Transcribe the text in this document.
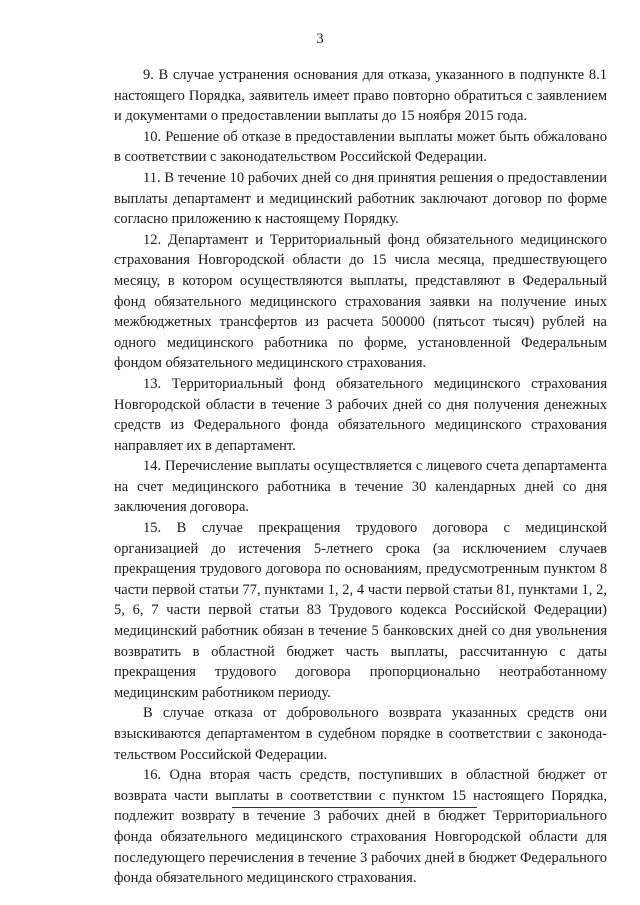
3

9. В случае устранения основания для отказа, указанного в подпункте 8.1 настоящего Порядка, заявитель имеет право повторно обратиться с заявлением и документами о предоставлении выплаты до 15 ноября 2015 года.

10. Решение об отказе в предоставлении выплаты может быть обжаловано в соответствии с законодательством Российской Федерации.

11. В течение 10 рабочих дней со дня принятия решения о предоставлении выплаты департамент и медицинский работник заключают договор по форме согласно приложению к настоящему Порядку.

12. Департамент и Территориальный фонд обязательного медицинского страхования Новгородской области до 15 числа месяца, предшествующего месяцу, в котором осуществляются выплаты, представляют в Федеральный фонд обязательного медицинского страхования заявки на получение иных межбюджетных трансфертов из расчета 500000 (пятьсот тысяч) рублей на одного медицинского работника по форме, установленной Федеральным фондом обязательного медицинского страхования.

13. Территориальный фонд обязательного медицинского страхования Новгородской области в течение 3 рабочих дней со дня получения денежных средств из Федерального фонда обязательного медицинского страхования направляет их в департамент.

14. Перечисление выплаты осуществляется с лицевого счета департамента на счет медицинского работника в течение 30 календарных дней со дня заключения договора.

15. В случае прекращения трудового договора с медицинской организацией до истечения 5-летнего срока (за исключением случаев прекращения трудового договора по основаниям, предусмотренным пунктом 8 части первой статьи 77, пунктами 1, 2, 4 части первой статьи 81, пунктами 1, 2, 5, 6, 7 части первой статьи 83 Трудового кодекса Российской Федерации) медицинский работник обязан в течение 5 банковских дней со дня увольнения возвратить в областной бюджет часть выплаты, рассчитанную с даты прекращения трудового договора пропорционально неотработанному медицинским работником периоду.

В случае отказа от добровольного возврата указанных средств они взыскиваются департаментом в судебном порядке в соответствии с законодательством Российской Федерации.

16. Одна вторая часть средств, поступивших в областной бюджет от возврата части выплаты в соответствии с пунктом 15 настоящего Порядка, подлежит возврату в течение 3 рабочих дней в бюджет Территориального фонда обязательного медицинского страхования Новгородской области для последующего перечисления в течение 3 рабочих дней в бюджет Федерального фонда обязательного медицинского страхования.
